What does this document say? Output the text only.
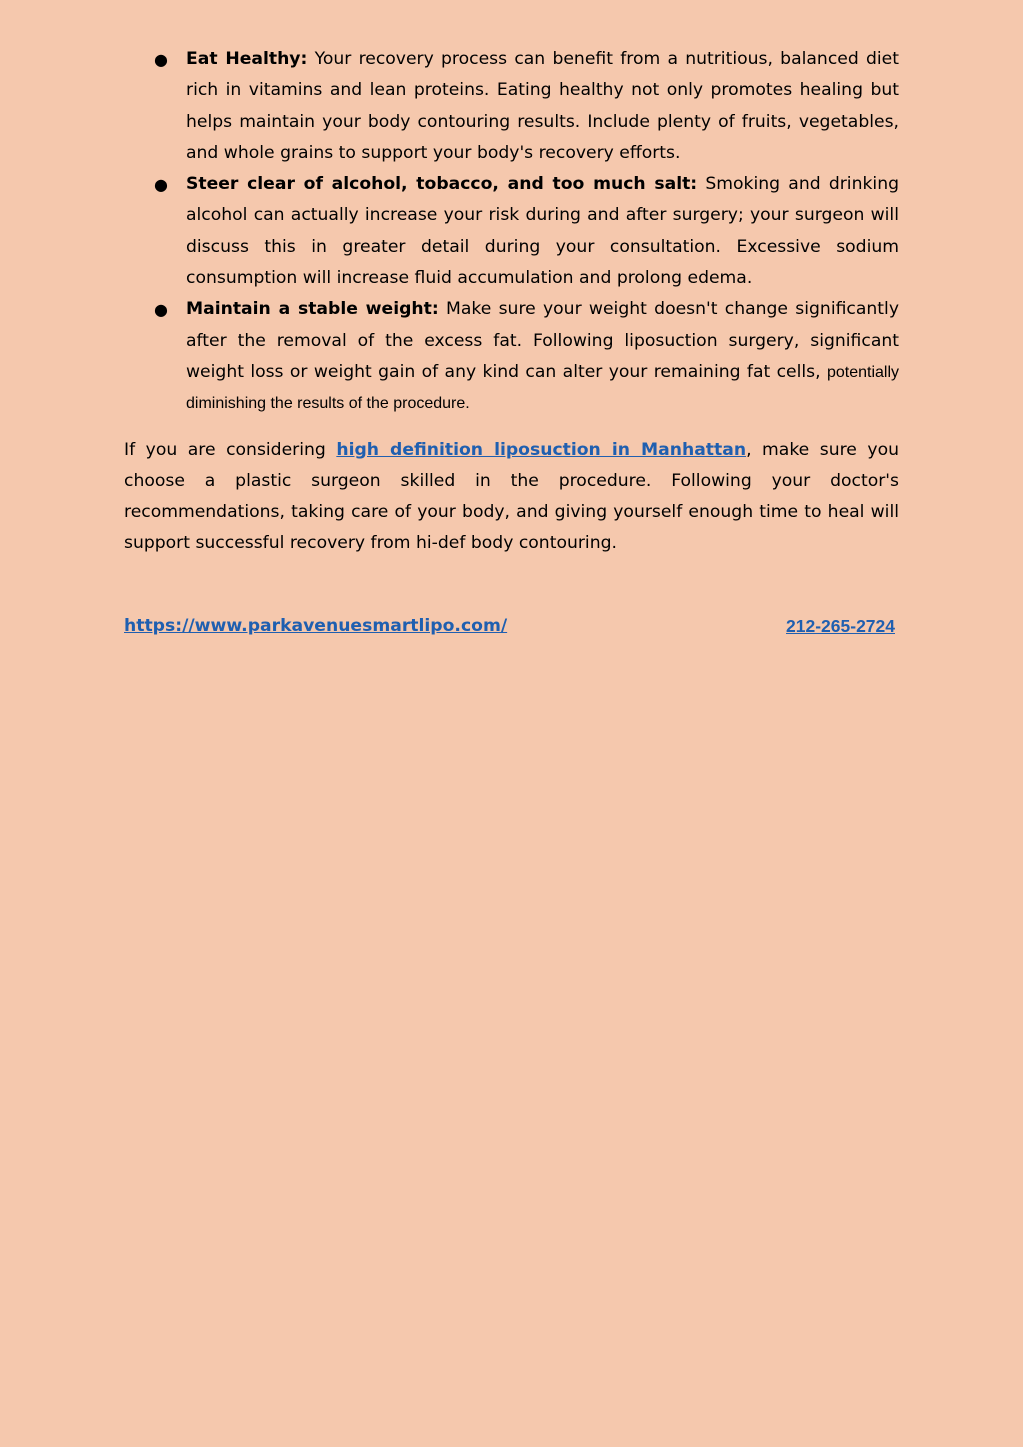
● Eat Healthy: Your recovery process can benefit from a nutritious, balanced diet rich in vitamins and lean proteins. Eating healthy not only promotes healing but helps maintain your body contouring results. Include plenty of fruits, vegetables, and whole grains to support your body's recovery efforts.
● Steer clear of alcohol, tobacco, and too much salt: Smoking and drinking alcohol can actually increase your risk during and after surgery; your surgeon will discuss this in greater detail during your consultation. Excessive sodium consumption will increase fluid accumulation and prolong edema.
● Maintain a stable weight: Make sure your weight doesn't change significantly after the removal of the excess fat. Following liposuction surgery, significant weight loss or weight gain of any kind can alter your remaining fat cells, potentially diminishing the results of the procedure.

If you are considering high definition liposuction in Manhattan, make sure you choose a plastic surgeon skilled in the procedure. Following your doctor's recommendations, taking care of your body, and giving yourself enough time to heal will support successful recovery from hi-def body contouring.

https://www.parkavenuesmartlipo.com/	212-265-2724
